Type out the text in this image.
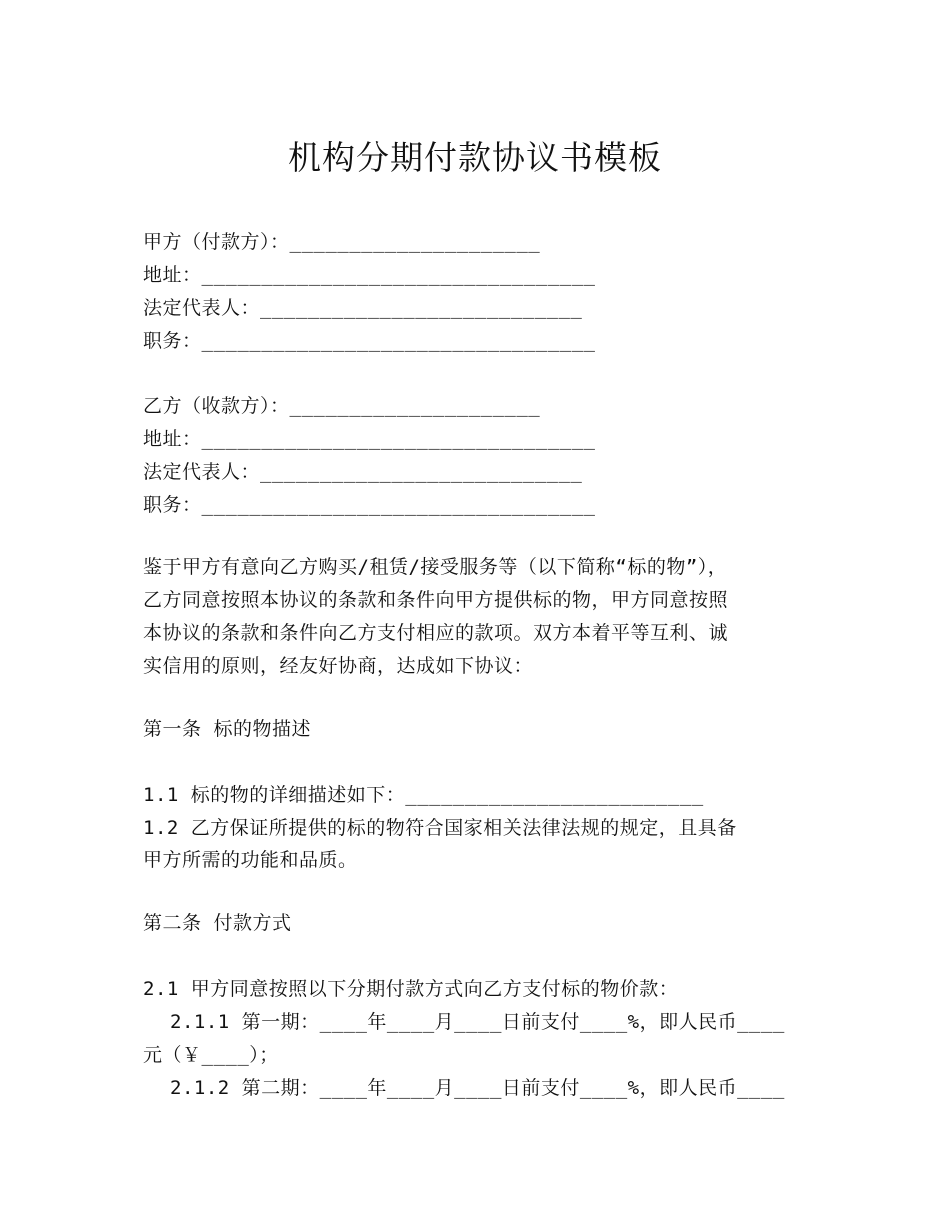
机构分期付款协议书模板
甲方（付款方）：_____________________
地址：_________________________________
法定代表人：___________________________
职务：_________________________________
乙方（收款方）：_____________________
地址：_________________________________
法定代表人：___________________________
职务：_________________________________
鉴于甲方有意向乙方购买/租赁/接受服务等（以下简称“标的物”），
乙方同意按照本协议的条款和条件向甲方提供标的物，甲方同意按照
本协议的条款和条件向乙方支付相应的款项。双方本着平等互利、诚
实信用的原则，经友好协商，达成如下协议：
第一条 标的物描述
1.1 标的物的详细描述如下：_________________________
1.2 乙方保证所提供的标的物符合国家相关法律法规的规定，且具备
甲方所需的功能和品质。
第二条 付款方式
2.1 甲方同意按照以下分期付款方式向乙方支付标的物价款：
2.1.1 第一期：____年____月____日前支付____%，即人民币____
元（￥____）；
2.1.2 第二期：____年____月____日前支付____%，即人民币____
